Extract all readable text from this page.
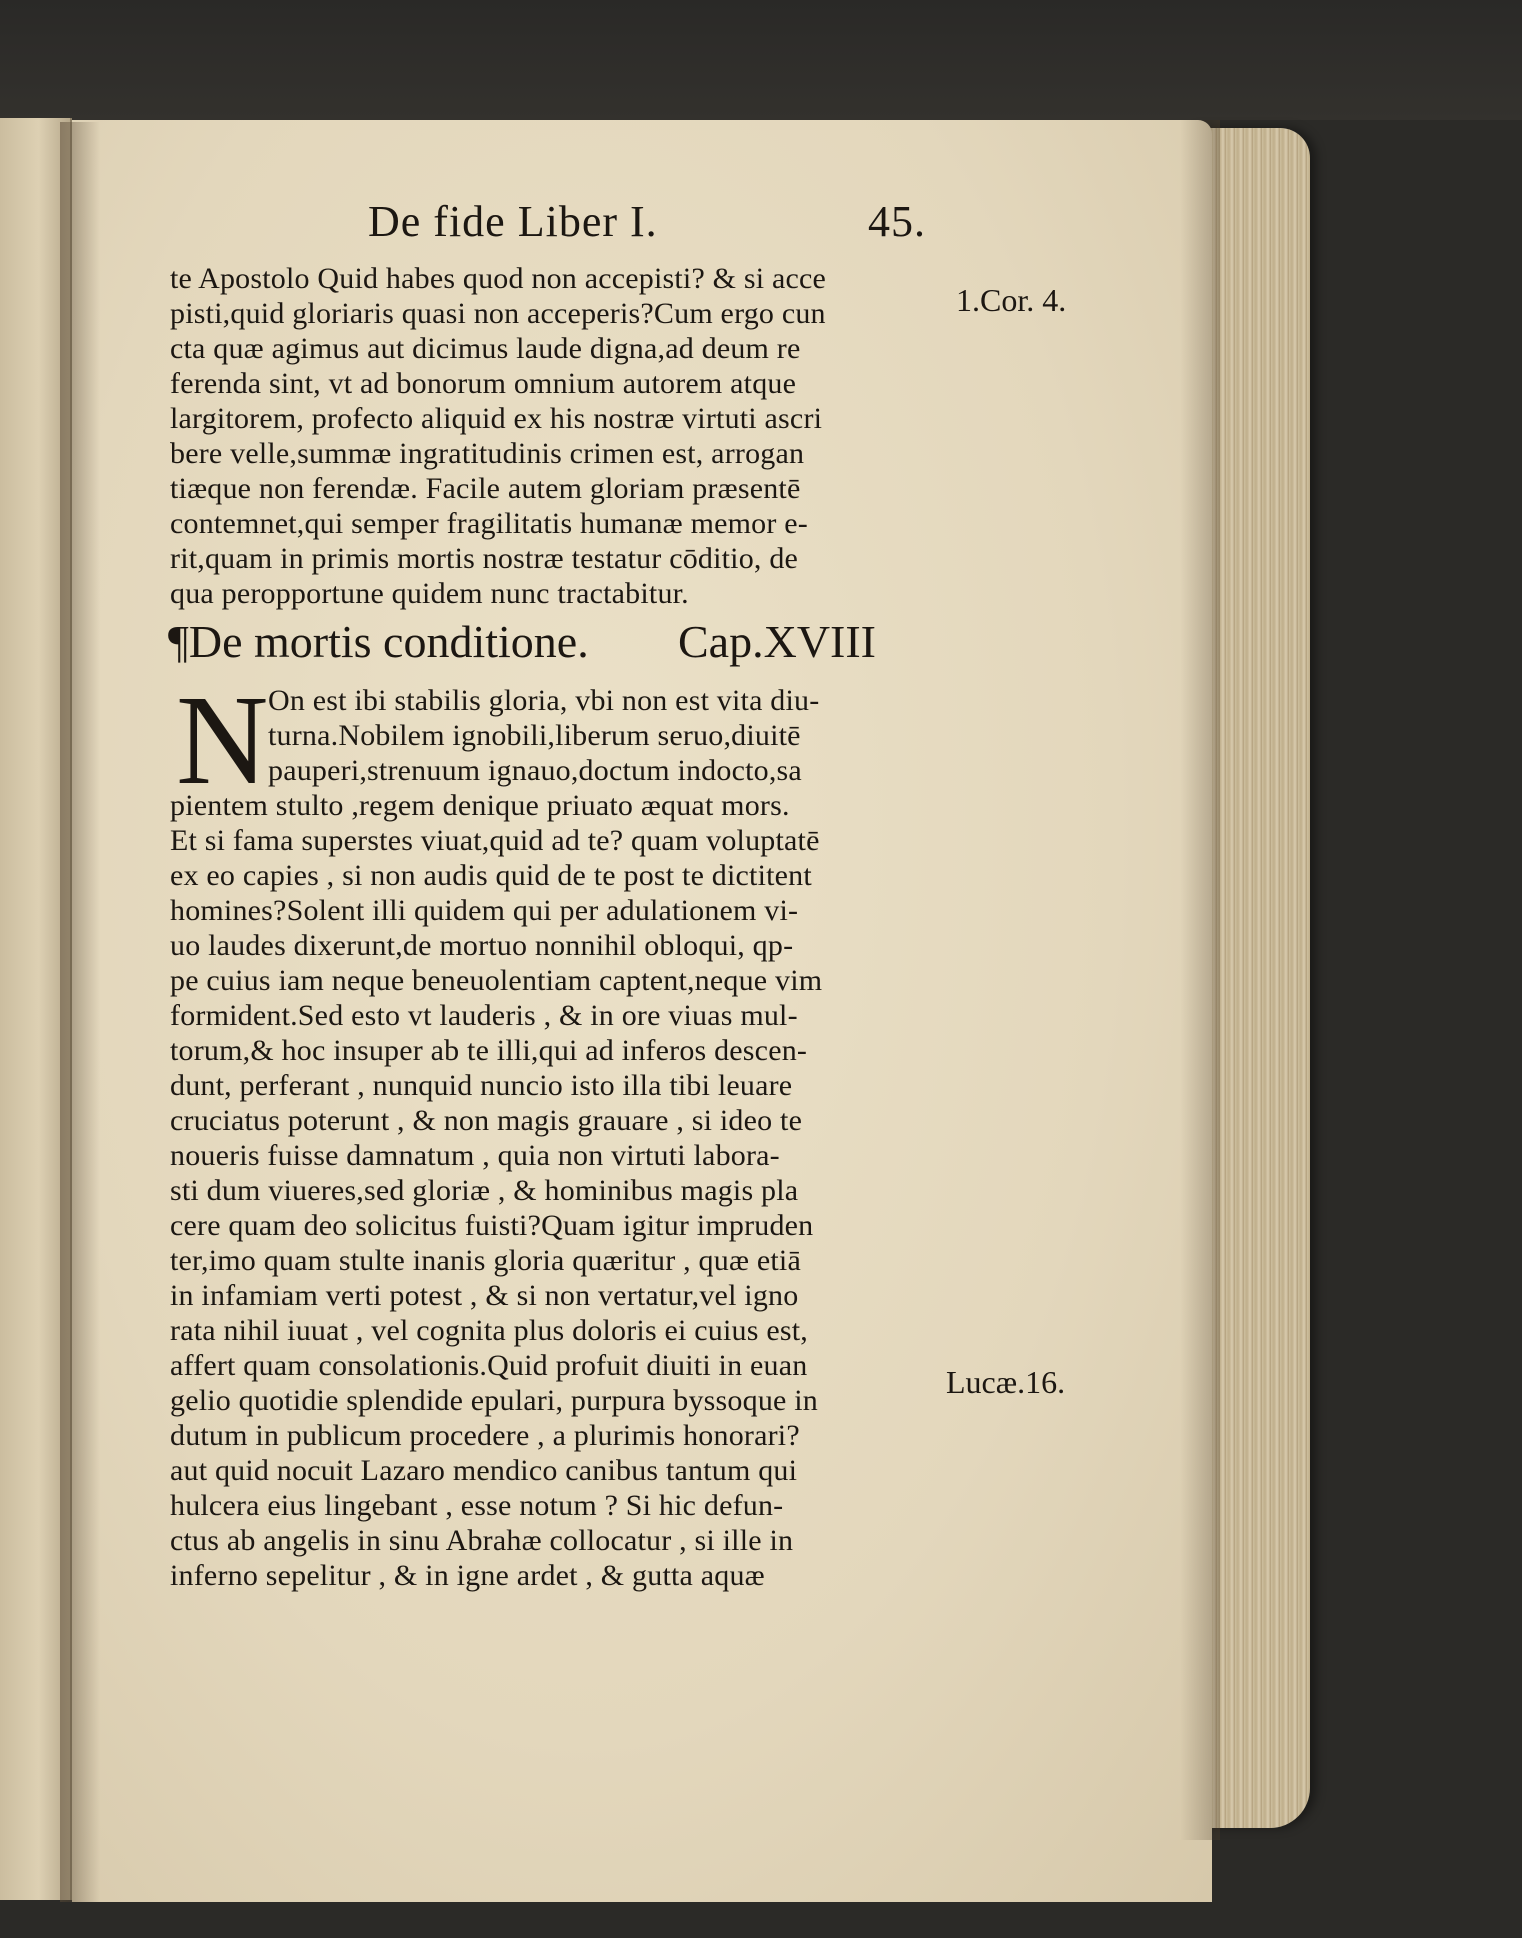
De fide Liber I.	45.
1.Cor. 4.
Lucæ.16.
te Apostolo Quid habes quod non accepisti? & si acce
pisti,quid gloriaris quasi non acceperis?Cum ergo cun
cta quæ agimus aut dicimus laude digna,ad deum re
ferenda sint, vt ad bonorum omnium autorem atque
largitorem, profecto aliquid ex his nostræ virtuti ascri
bere velle,summæ ingratitudinis crimen est, arrogan
tiæque non ferendæ. Facile autem gloriam præsentē
contemnet,qui semper fragilitatis humanæ memor e-
rit,quam in primis mortis nostræ testatur cōditio, de
qua peropportune quidem nunc tractabitur.
¶De mortis conditione. Cap.XVIII
N On est ibi stabilis gloria, vbi non est vita diu-
turna.Nobilem ignobili,liberum seruo,diuitē
pauperi,strenuum ignauo,doctum indocto,sa
pientem stulto ,regem denique priuato æquat mors.
Et si fama superstes viuat,quid ad te? quam voluptatē
ex eo capies , si non audis quid de te post te dictitent
homines?Solent illi quidem qui per adulationem vi-
uo laudes dixerunt,de mortuo nonnihil obloqui, qp-
pe cuius iam neque beneuolentiam captent,neque vim
formident.Sed esto vt lauderis , & in ore viuas mul-
torum,& hoc insuper ab te illi,qui ad inferos descen-
dunt, perferant , nunquid nuncio isto illa tibi leuare
cruciatus poterunt , & non magis grauare , si ideo te
noueris fuisse damnatum , quia non virtuti labora-
sti dum viueres,sed gloriæ , & hominibus magis pla
cere quam deo solicitus fuisti?Quam igitur impruden
ter,imo quam stulte inanis gloria quæritur , quæ etiā
in infamiam verti potest , & si non vertatur,vel igno
rata nihil iuuat , vel cognita plus doloris ei cuius est,
affert quam consolationis.Quid profuit diuiti in euan
gelio quotidie splendide epulari, purpura byssoque in
dutum in publicum procedere , a plurimis honorari?
aut quid nocuit Lazaro mendico canibus tantum qui
hulcera eius lingebant , esse notum ? Si hic defun-
ctus ab angelis in sinu Abrahæ collocatur , si ille in
inferno sepelitur , & in igne ardet , & gutta aquæ
